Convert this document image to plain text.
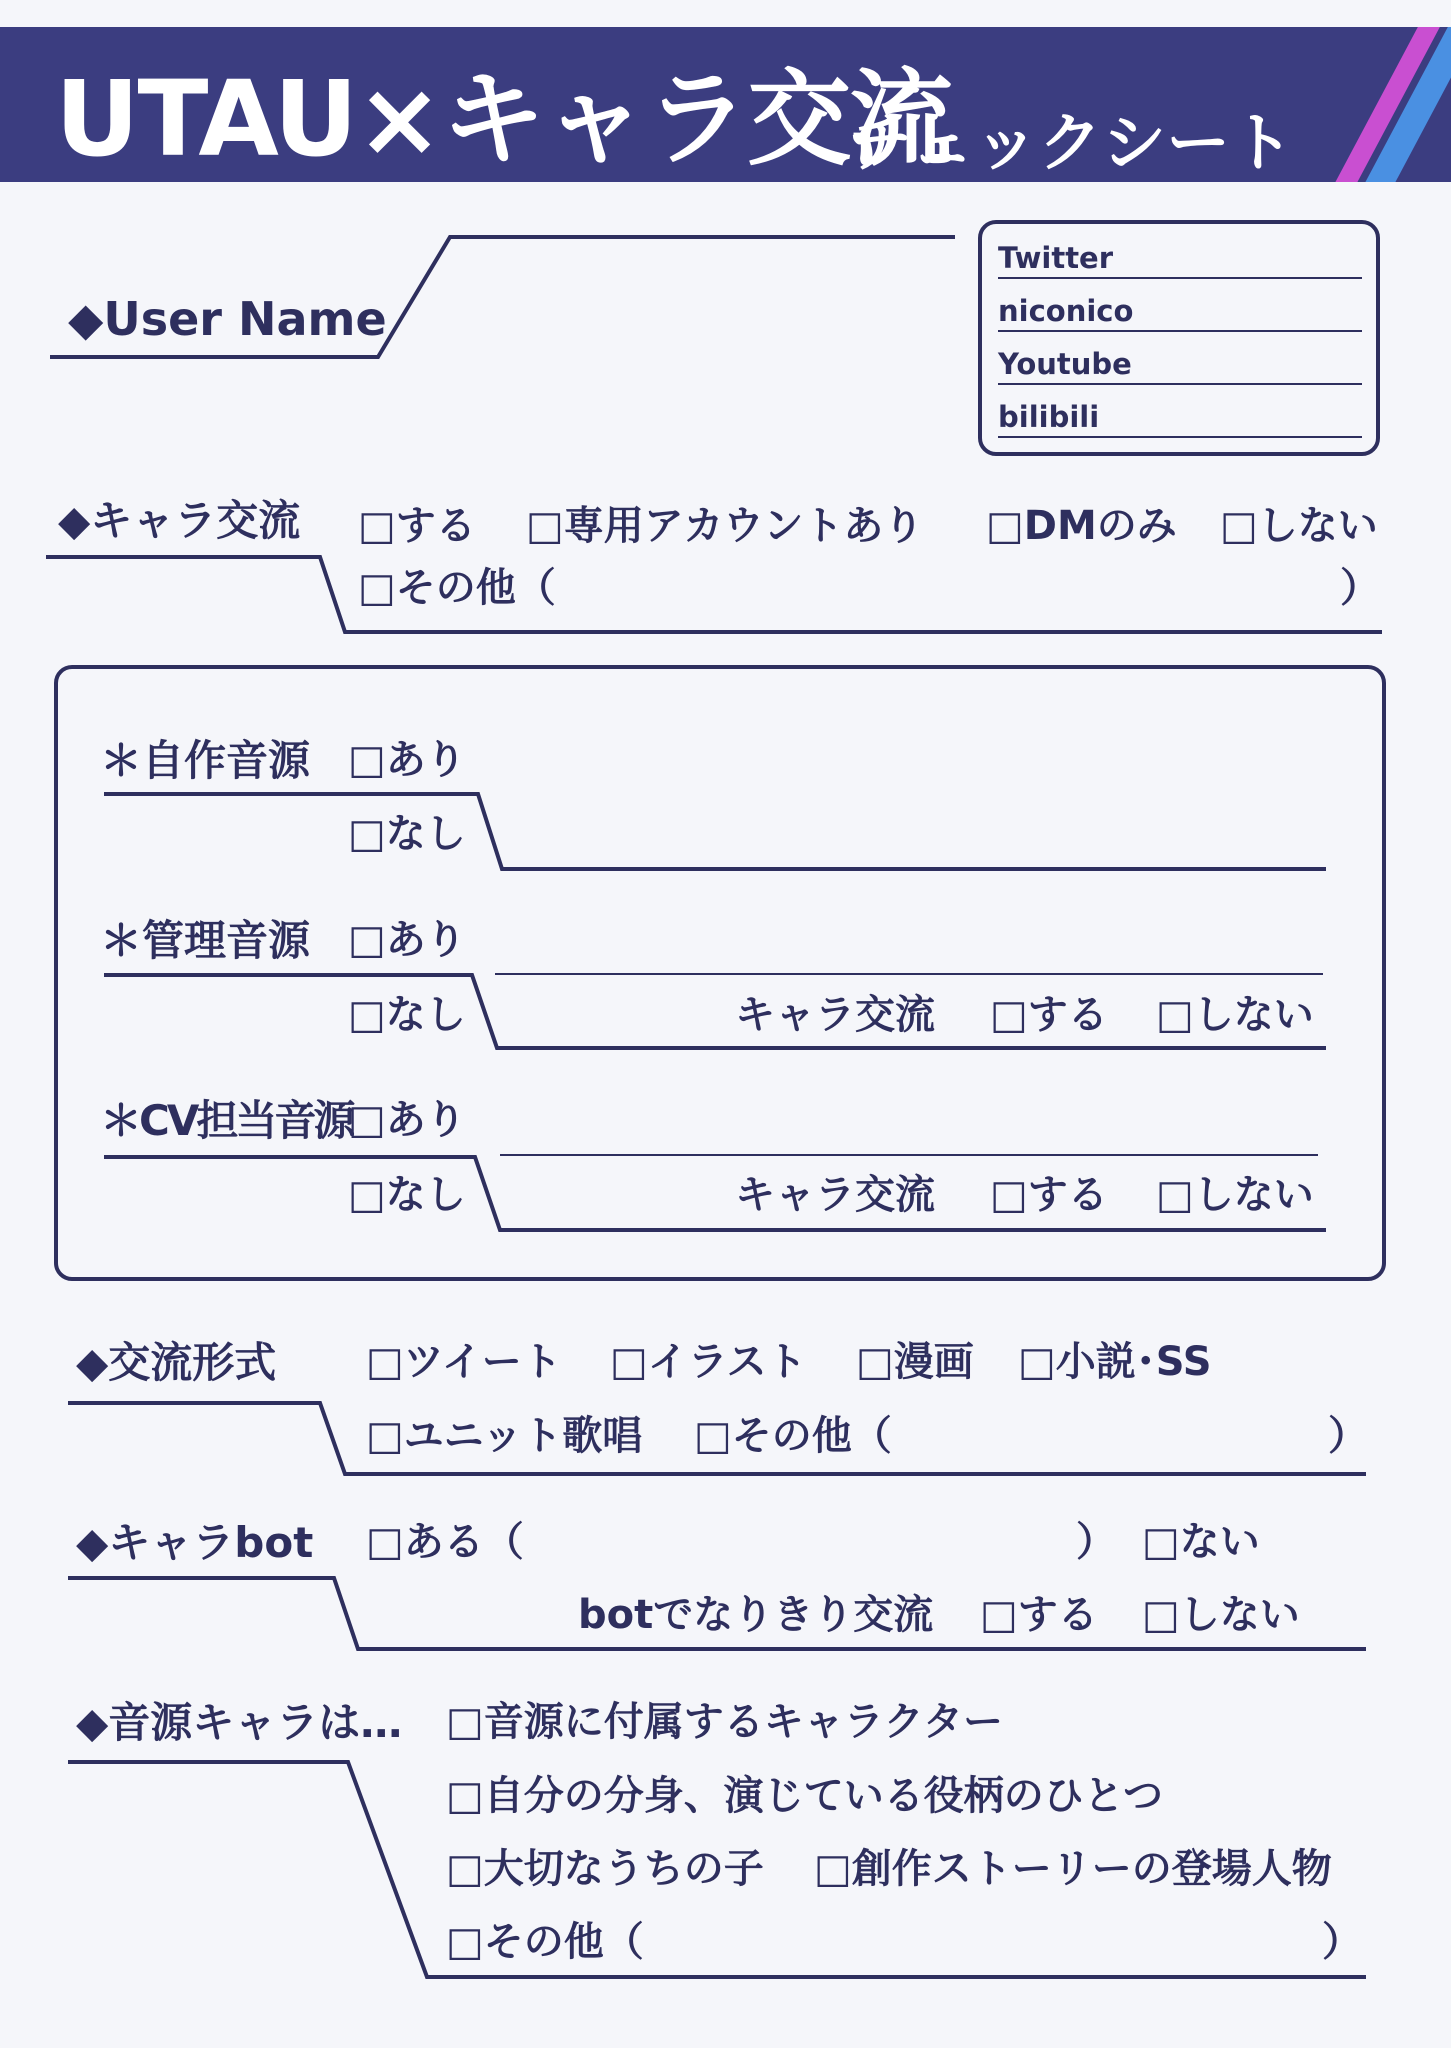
UTAU×キャラ交流
チェックシート
◆User Name
Twitter
niconico
Youtube
bilibili
◆キャラ交流 □する □専用アカウントあり □DMのみ □しない
□その他（	）
＊自作音源 □あり
□なし
＊管理音源 □あり
□なし	キャラ交流 □する □しない
＊CV担当音源
□あり
□なし	キャラ交流 □する □しない
◆交流形式 □ツイート □イラスト □漫画 □小説･SS
□ユニット歌唱 □その他（	）
◆キャラbot □ある（	） □ない
botでなりきり交流 □する □しない
◆音源キャラは… □音源に付属するキャラクター
□自分の分身、演じている役柄のひとつ
□大切なうちの子 □創作ストーリーの登場人物
□その他（	）
